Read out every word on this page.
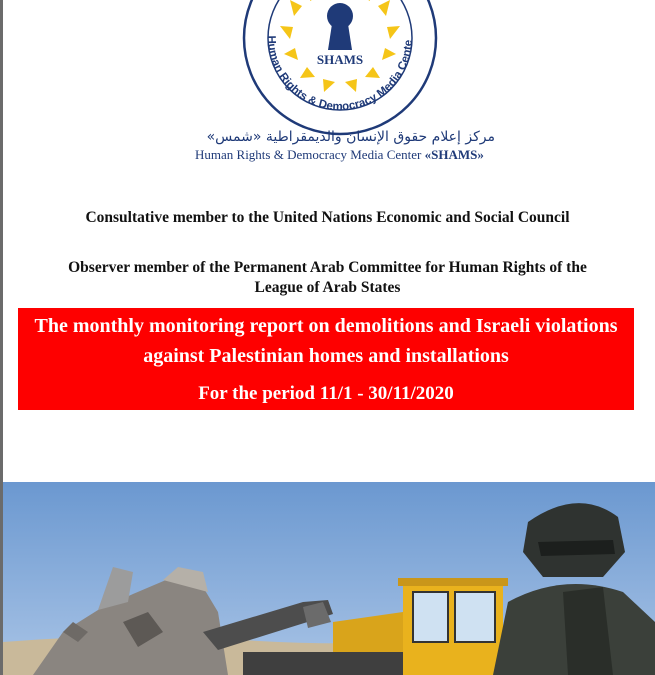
SHAMS
Human Rights & Democracy Media Cente
مركز إعلام حقوق الإنسان والديمقراطية «شمس»
Human Rights & Democracy Media Center «SHAMS»
Consultative member to the United Nations Economic and Social Council
Observer member of the Permanent Arab Committee for Human Rights of the League of Arab States

The monthly monitoring report on demolitions and Israeli violations against Palestinian homes and installations

For the period 11/1 - 30/11/2020
